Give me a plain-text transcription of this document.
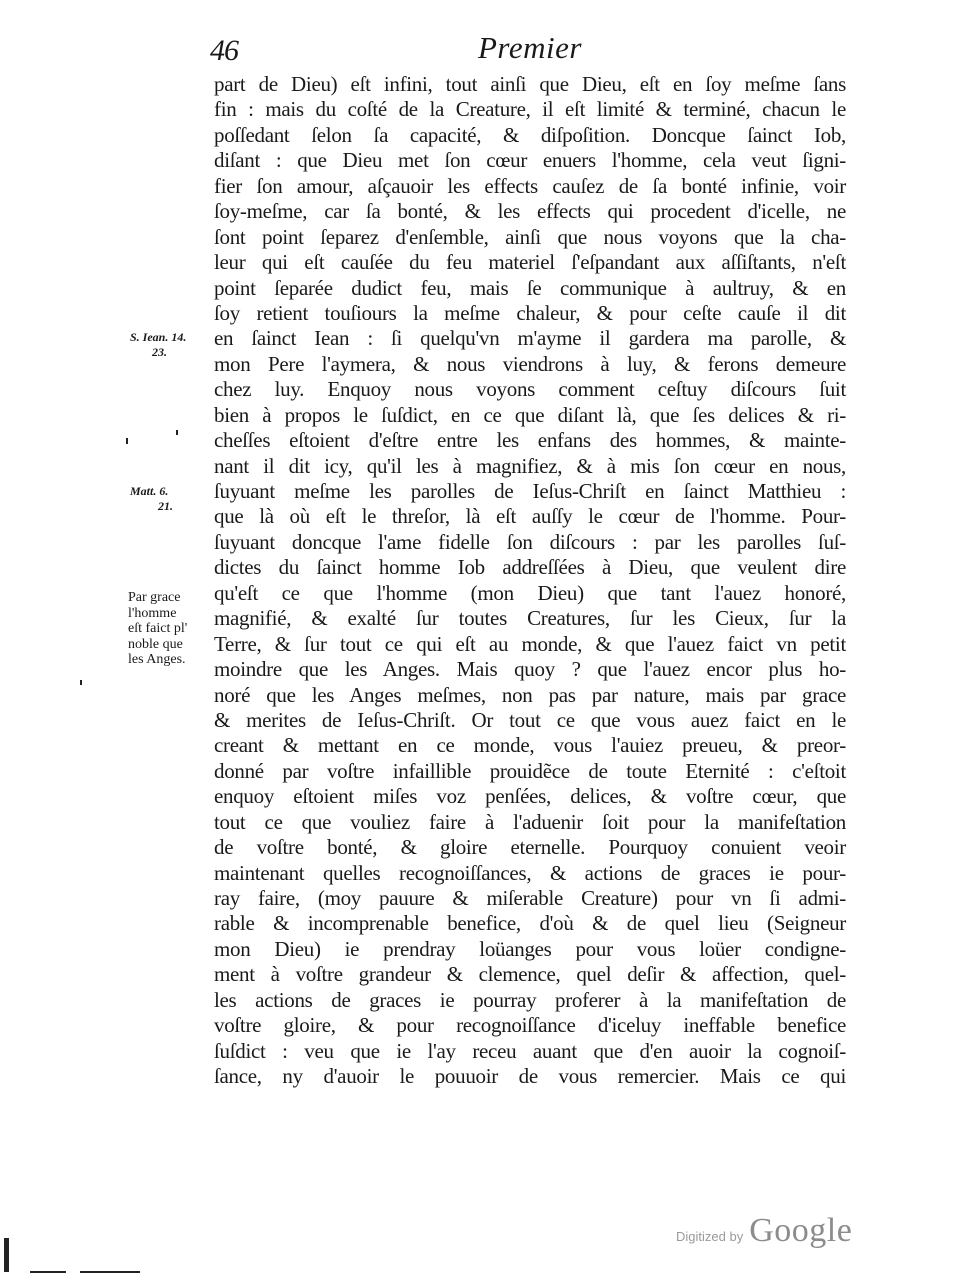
46	Premier
part de Dieu) eſt infini, tout ainſi que Dieu, eſt en ſoy meſme ſans
fin : mais du coſté de la Creature, il eſt limité & terminé, chacun le
poſſedant ſelon ſa capacité, & diſpoſition. Doncque ſainct Iob,
diſant : que Dieu met ſon cœur enuers l'homme, cela veut ſigni-
fier ſon amour, aſçauoir les effects cauſez de ſa bonté infinie, voir
ſoy-meſme, car ſa bonté, & les effects qui procedent d'icelle, ne
ſont point ſeparez d'enſemble, ainſi que nous voyons que la cha-
leur qui eſt cauſée du feu materiel ſ'eſpandant aux aſſiſtants, n'eſt
point ſeparée dudict feu, mais ſe communique à aultruy, & en
ſoy retient touſiours la meſme chaleur, & pour ceſte cauſe il dit
en ſainct Iean : ſi quelqu'vn m'ayme il gardera ma parolle, &
mon Pere l'aymera, & nous viendrons à luy, & ferons demeure
chez luy. Enquoy nous voyons comment ceſtuy diſcours ſuit
bien à propos le ſuſdict, en ce que diſant là, que ſes delices & ri-
cheſſes eſtoient d'eſtre entre les enfans des hommes, & mainte-
nant il dit icy, qu'il les à magnifiez, & à mis ſon cœur en nous,
ſuyuant meſme les parolles de Ieſus-Chriſt en ſainct Matthieu :
que là où eſt le threſor, là eſt auſſy le cœur de l'homme. Pour-
ſuyuant doncque l'ame fidelle ſon diſcours : par les parolles ſuſ-
dictes du ſainct homme Iob addreſſées à Dieu, que veulent dire
qu'eſt ce que l'homme (mon Dieu) que tant l'auez honoré,
magnifié, & exalté ſur toutes Creatures, ſur les Cieux, ſur la
Terre, & ſur tout ce qui eſt au monde, & que l'auez faict vn petit
moindre que les Anges. Mais quoy ? que l'auez encor plus ho-
noré que les Anges meſmes, non pas par nature, mais par grace
& merites de Ieſus-Chriſt. Or tout ce que vous auez faict en le
creant & mettant en ce monde, vous l'auiez preueu, & preor-
donné par voſtre infaillible prouidẽce de toute Eternité : c'eſtoit
enquoy eſtoient miſes voz penſées, delices, & voſtre cœur, que
tout ce que vouliez faire à l'aduenir ſoit pour la manifeſtation
de voſtre bonté, & gloire eternelle. Pourquoy conuient veoir
maintenant quelles recognoiſſances, & actions de graces ie pour-
ray faire, (moy pauure & miſerable Creature) pour vn ſi admi-
rable & incomprenable benefice, d'où & de quel lieu (Seigneur
mon Dieu) ie prendray loüanges pour vous loüer condigne-
ment à voſtre grandeur & clemence, quel deſir & affection, quel-
les actions de graces ie pourray proferer à la manifeſtation de
voſtre gloire, & pour recognoiſſance d'iceluy ineffable benefice
ſuſdict : veu que ie l'ay receu auant que d'en auoir la cognoiſ-
ſance, ny d'auoir le pouuoir de vous remercier. Mais ce qui
S. Iean. 14.
23.
Matt. 6.
21.
Par grace
l'homme
eſt faict pl'
noble que
les Anges.
Digitized by Google
